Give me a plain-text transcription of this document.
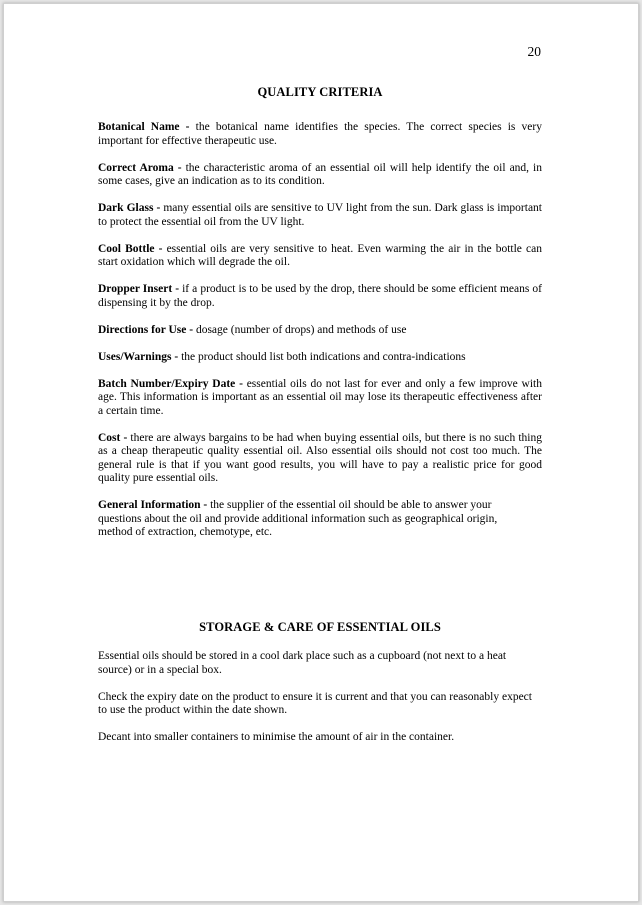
20
QUALITY CRITERIA

Botanical Name - the botanical name identifies the species. The correct species is very important for effective therapeutic use.

Correct Aroma - the characteristic aroma of an essential oil will help identify the oil and, in some cases, give an indication as to its condition.

Dark Glass - many essential oils are sensitive to UV light from the sun. Dark glass is important to protect the essential oil from the UV light.

Cool Bottle - essential oils are very sensitive to heat. Even warming the air in the bottle can start oxidation which will degrade the oil.

Dropper Insert - if a product is to be used by the drop, there should be some efficient means of dispensing it by the drop.

Directions for Use - dosage (number of drops) and methods of use

Uses/Warnings - the product should list both indications and contra-indications

Batch Number/Expiry Date - essential oils do not last for ever and only a few improve with age. This information is important as an essential oil may lose its therapeutic effectiveness after a certain time.

Cost - there are always bargains to be had when buying essential oils, but there is no such thing as a cheap therapeutic quality essential oil. Also essential oils should not cost too much. The general rule is that if you want good results, you will have to pay a realistic price for good quality pure essential oils.

General Information - the supplier of the essential oil should be able to answer your questions about the oil and provide additional information such as geographical origin, method of extraction, chemotype, etc.

STORAGE & CARE OF ESSENTIAL OILS

Essential oils should be stored in a cool dark place such as a cupboard (not next to a heat source) or in a special box.

Check the expiry date on the product to ensure it is current and that you can reasonably expect to use the product within the date shown.

Decant into smaller containers to minimise the amount of air in the container.
